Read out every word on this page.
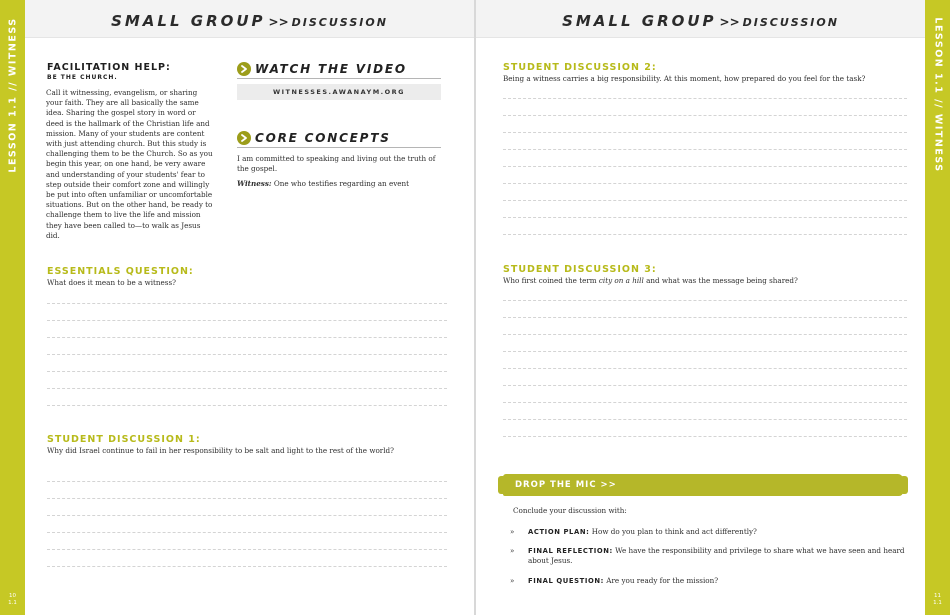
LESSON 1.1 // WITNESS
10
1.1
SMALL GROUP >> DISCUSSION
FACILITATION HELP:
BE THE CHURCH.
Call it witnessing, evangelism, or sharing your faith. They are all basically the same idea. Sharing the gospel story in word or deed is the hallmark of the Christian life and mission. Many of your students are content with just attending church. But this study is challenging them to be the Church. So as you begin this year, on one hand, be very aware and understanding of your students' fear to step outside their comfort zone and willingly be put into often unfamiliar or uncomfortable situations. But on the other hand, be ready to challenge them to live the life and mission they have been called to—to walk as Jesus did.
WATCH THE VIDEO
WITNESSES.AWANAYM.ORG
CORE CONCEPTS
I am committed to speaking and living out the truth of the gospel.
Witness: One who testifies regarding an event
ESSENTIALS QUESTION:
What does it mean to be a witness?
STUDENT DISCUSSION 1:
Why did Israel continue to fail in her responsibility to be salt and light to the rest of the world?
LESSON 1.1 // WITNESS
11
1.1
SMALL GROUP >> DISCUSSION
STUDENT DISCUSSION 2:
Being a witness carries a big responsibility. At this moment, how prepared do you feel for the task?
STUDENT DISCUSSION 3:
Who first coined the term city on a hill and what was the message being shared?
DROP THE MIC >>
Conclude your discussion with:
»	ACTION PLAN: How do you plan to think and act differently?
»	FINAL REFLECTION: We have the responsibility and privilege to share what we have seen and heard about Jesus.
»	FINAL QUESTION: Are you ready for the mission?
